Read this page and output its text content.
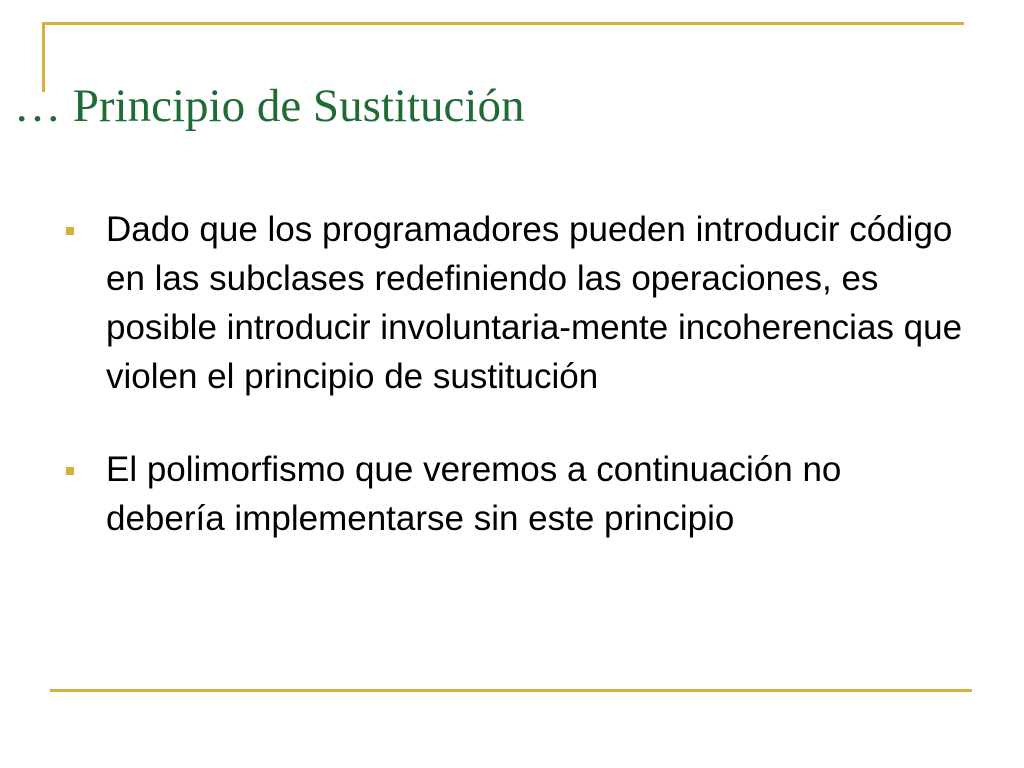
… Principio de Sustitución
Dado que los programadores pueden introducir código en las subclases redefiniendo las operaciones, es posible introducir involuntaria-mente incoherencias que violen el principio de sustitución
El polimorfismo que veremos a continuación no debería implementarse sin este principio
